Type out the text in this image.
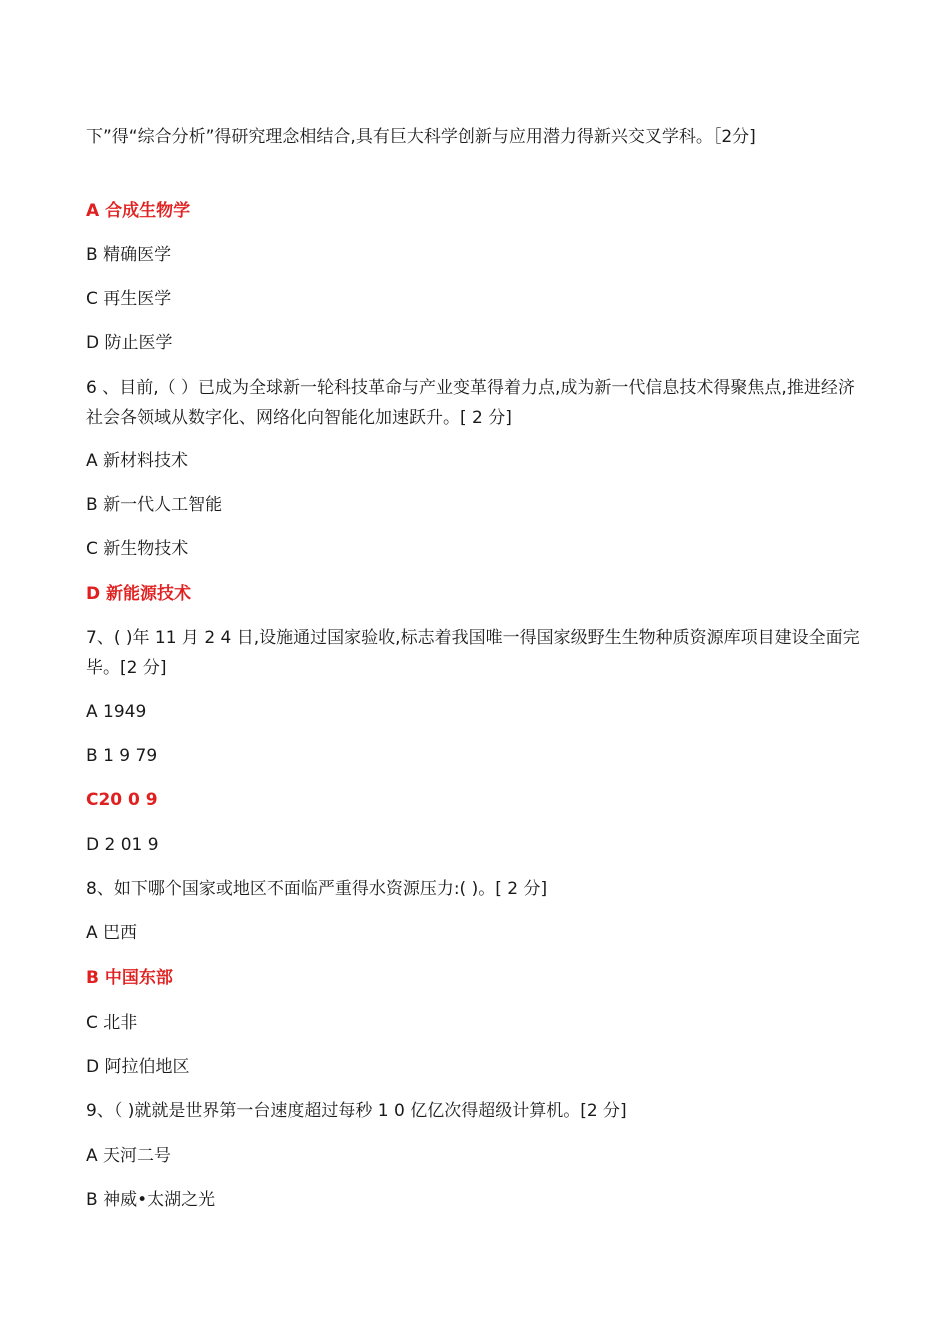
下”得“综合分析”得研究理念相结合,具有巨大科学创新与应用潜力得新兴交叉学科。［2分]
A 合成生物学
B 精确医学
C 再生医学
D 防止医学
6 、目前,（ ）已成为全球新一轮科技革命与产业变革得着力点,成为新一代信息技术得聚焦点,推进经济社会各领域从数字化、网络化向智能化加速跃升。[ 2 分]
A 新材料技术
B 新一代人工智能
C 新生物技术
D 新能源技术
7、( )年 11 月 2 4 日,设施通过国家验收,标志着我国唯一得国家级野生生物种质资源库项目建设全面完毕。[2 分]
A 1949
B 1 9 79
C20 0 9
D 2 01 9
8、如下哪个国家或地区不面临严重得水资源压力:( )。[ 2 分]
A 巴西
B 中国东部
C 北非
D 阿拉伯地区
9、（ )就就是世界第一台速度超过每秒 1 0 亿亿次得超级计算机。[2 分]
A 天河二号
B 神威•太湖之光
